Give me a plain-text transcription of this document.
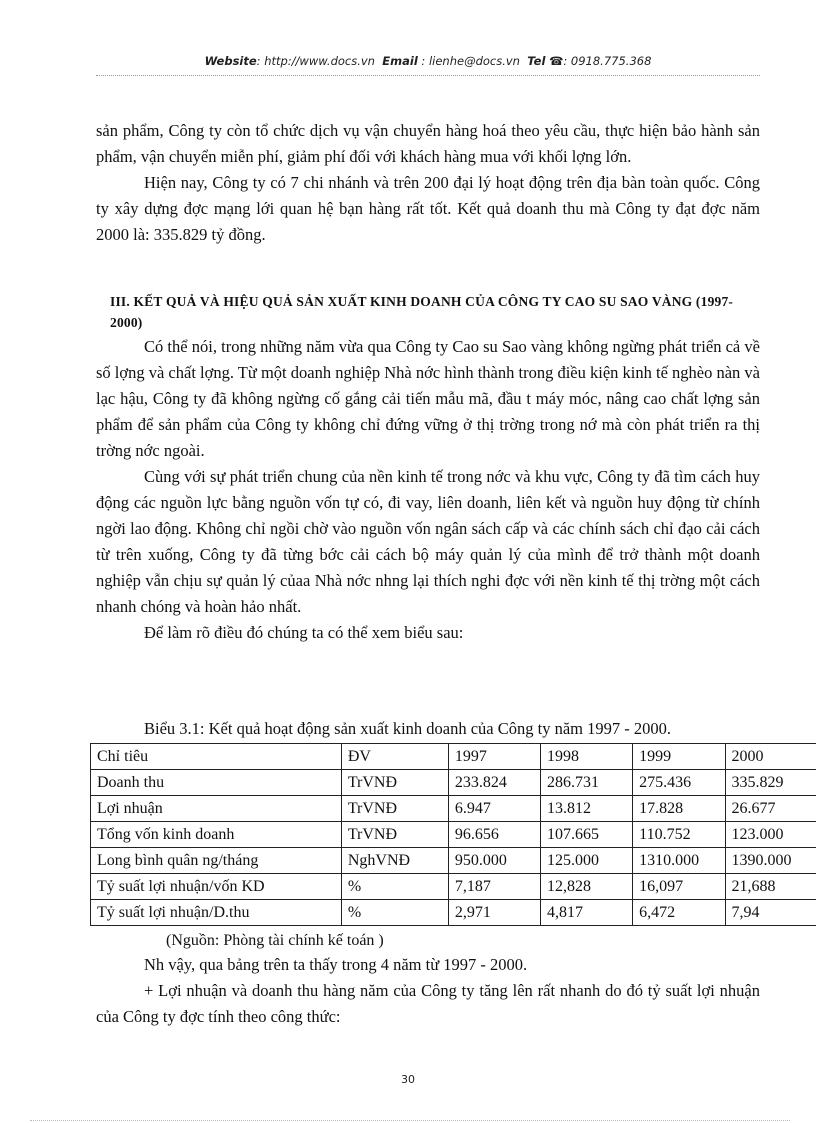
Website: http://www.docs.vn Email : lienhe@docs.vn Tel ☎: 0918.775.368

sản phẩm, Công ty còn tổ chức dịch vụ vận chuyển hàng hoá theo yêu cầu, thực hiện bảo hành sản phẩm, vận chuyển miễn phí, giảm phí đối với khách hàng mua với khối lợng lớn.

Hiện nay, Công ty có 7 chi nhánh và trên 200 đại lý hoạt động trên địa bàn toàn quốc. Công ty xây dựng đợc mạng lới quan hệ bạn hàng rất tốt. Kết quả doanh thu mà Công ty đạt đợc năm 2000 là: 335.829 tỷ đồng.

III. KẾT QUẢ VÀ HIỆU QUẢ SẢN XUẤT KINH DOANH CỦA CÔNG TY CAO SU SAO VÀNG (1997-2000)

Có thể nói, trong những năm vừa qua Công ty Cao su Sao vàng không ngừng phát triển cả về số lợng và chất lợng. Từ một doanh nghiệp Nhà nớc hình thành trong điều kiện kinh tế nghèo nàn và lạc hậu, Công ty đã không ngừng cố gắng cải tiến mẫu mã, đầu t máy móc, nâng cao chất lợng sản phẩm để sản phẩm của Công ty không chỉ đứng vững ở thị trờng trong nớ mà còn phát triển ra thị trờng nớc ngoài.

Cùng với sự phát triển chung của nền kinh tế trong nớc và khu vực, Công ty đã tìm cách huy động các nguồn lực bằng nguồn vốn tự có, đi vay, liên doanh, liên kết và nguồn huy động từ chính ngời lao động. Không chỉ ngồi chờ vào nguồn vốn ngân sách cấp và các chính sách chỉ đạo cải cách từ trên xuống, Công ty đã từng bớc cải cách bộ máy quản lý của mình để trở thành một doanh nghiệp vẫn chịu sự quản lý củaa Nhà nớc nhng lại thích nghi đợc với nền kinh tế thị trờng một cách nhanh chóng và hoàn hảo nhất.

Để làm rõ điều đó chúng ta có thể xem biểu sau:

Biểu 3.1: Kết quả hoạt động sản xuất kinh doanh của Công ty năm 1997 - 2000.
Chỉ tiêu	ĐV	1997	1998	1999	2000
Doanh thu	TrVNĐ	233.824	286.731	275.436	335.829
Lợi nhuận	TrVNĐ	6.947	13.812	17.828	26.677
Tổng vốn kinh doanh	TrVNĐ	96.656	107.665	110.752	123.000
Long bình quân ng/tháng	NghVNĐ	950.000	125.000	1310.000	1390.000
Tỷ suất lợi nhuận/vốn KD	%	7,187	12,828	16,097	21,688
Tỷ suất lợi nhuận/D.thu	%	2,971	4,817	6,472	7,94
(Nguồn: Phòng tài chính kế toán )

Nh vậy, qua bảng trên ta thấy trong 4 năm từ 1997 - 2000.

+ Lợi nhuận và doanh thu hàng năm của Công ty tăng lên rất nhanh do đó tỷ suất lợi nhuận của Công ty đợc tính theo công thức:

30
